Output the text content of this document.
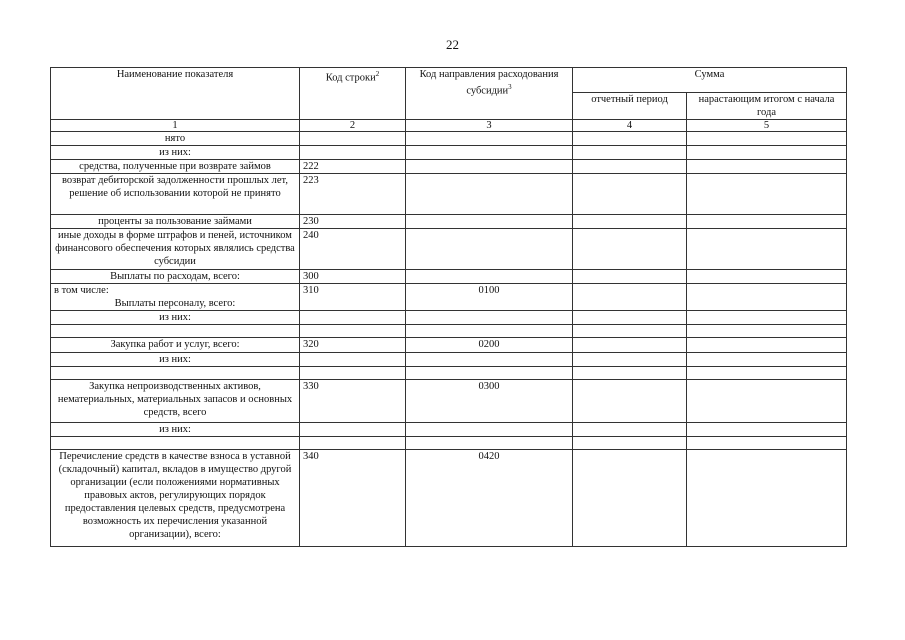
22
Наименование показателя	Код строки$^2$	Код направления расходования субсидии$^3$	Сумма	
			отчетный период	нарастающим итогом с начала года
1	2	3	4	5
нято				
из них:				
средства, полученные при возврате займов	222			
возврат дебиторской задолженности прошлых лет, решение об использовании которой не принято	223			
проценты за пользование займами	230			
иные доходы в форме штрафов и пеней, источником финансового обеспечения которых являлись средства субсидии	240			
Выплаты по расходам, всего:	300			

в том числе:
Выплаты персоналу, всего:	310	0100		
из них:				

Закупка работ и услуг, всего:	320	0200		
из них:				

Закупка непроизводственных активов, нематериальных, материальных запасов и основных средств, всего	330	0300		
из них:				

Перечисление средств в качестве взноса в уставной (складочный) капитал, вкладов в имущество другой организации (если положениями нормативных правовых актов, регулирующих порядок предоставления целевых средств, предусмотрена возможность их перечисления указанной организации), всего:	340	0420		
